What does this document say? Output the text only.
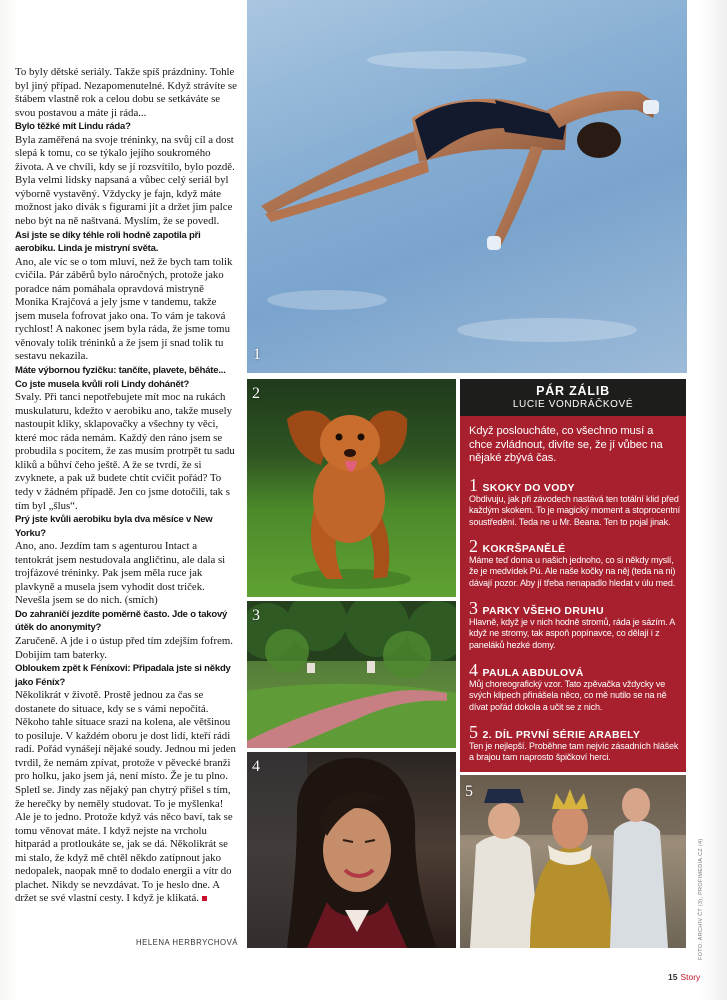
To byly dětské seriály. Takže spíš prázdniny. Tohle byl jiný případ. Nezapomenutelné. Když strávíte se štábem vlastně rok a celou dobu se setkáváte se svou postavou a máte ji ráda...

Bylo těžké mít Lindu ráda?

Byla zaměřená na svoje tréninky, na svůj cíl a dost slepá k tomu, co se týkalo jejího soukromého života. A ve chvíli, kdy se jí rozsvítilo, bylo pozdě. Byla velmi lidsky napsaná a vůbec celý seriál byl výborně vystavěný. Vždycky je fajn, když máte možnost jako divák s figurami jít a držet jim palce nebo být na ně naštvaná. Myslím, že se povedl.

Asi jste se díky téhle roli hodně zapotila při aerobiku. Linda je mistryní světa.

Ano, ale víc se o tom mluví, než že bych tam tolik cvičila. Pár záběrů bylo náročných, protože jako poradce nám pomáhala opravdová mistryně Monika Krajčová a jely jsme v tandemu, takže jsem musela fofrovat jako ona. To vám je taková rychlost! A nakonec jsem byla ráda, že jsme tomu věnovaly tolik tréninků a že jsem jí snad tolik tu sestavu nekazila.

Máte výbornou fyzičku: tančíte, plavete, běháte... Co jste musela kvůli roli Lindy dohánět?

Svaly. Při tanci nepotřebujete mít moc na rukách muskulaturu, kdežto v aerobiku ano, takže musely nastoupit kliky, sklapovačky a všechny ty věci, které moc ráda nemám. Každý den ráno jsem se probudila s pocitem, že zas musím protrpět tu sadu kliků a bůhví čeho ještě. A že se tvrdí, že si zvyknete, a pak už budete chtít cvičit pořád? To tedy v žádném případě. Jen co jsme dotočili, tak s tím byl „šlus“.

Prý jste kvůli aerobiku byla dva měsíce v New Yorku?

Ano, ano. Jezdím tam s agenturou Intact a tentokrát jsem nestudovala angličtinu, ale dala si trojfázové tréninky. Pak jsem měla ruce jak plavkyně a musela jsem vyhodit dost triček. Nevešla jsem se do nich. (smích)

Do zahraničí jezdíte poměrně často. Jde o takový útěk do anonymity?

Zaručeně. A jde i o ústup před tím zdejším fofrem. Dobijím tam baterky.

Obloukem zpět k Féníxovi: Připadala jste si někdy jako Féníx?

Několikrát v životě. Prostě jednou za čas se dostanete do situace, kdy se s vámi nepočítá. Někoho tahle situace srazí na kolena, ale většinou to posiluje. V každém oboru je dost lidí, kteří rádi radí. Pořád vynášejí nějaké soudy. Jednou mi jeden tvrdil, že nemám zpívat, protože v pěvecké branži pro holku, jako jsem já, není místo. Že je tu plno. Spletl se. Jindy zas nějaký pan chytrý přišel s tím, že herečky by neměly studovat. To je myšlenka! Ale je to jedno. Protože když vás něco baví, tak se tomu věnovat máte. I když nejste na vrcholu hitparád a protloukáte se, jak se dá. Několikrát se mi stalo, že když mě chtěl někdo zatípnout jako nedopalek, naopak mně to dodalo energii a vítr do plachet. Nikdy se nevzdávat. To je heslo dne. A držet se své vlastní cesty. I když je klikatá.

HELENA HERBRYCHOVÁ
1
2
3
4
5
PÁR ZÁLIB
LUCIE VONDRÁČKOVÉ
Když posloucháte, co všechno musí a chce zvládnout, divíte se, že jí vůbec na nějaké zbývá čas.
1 SKOKY DO VODY
Obdivuju, jak při závodech nastává ten totální klid před každým skokem. To je magický moment a stoprocentní soustředění. Teda ne u Mr. Beana. Ten to pojal jinak.
2 KOKRŠPANĚLÉ
Máme teď doma u našich jednoho, co si někdy myslí, že je medvídek Pú. Ale naše kočky na něj (teda na ni) dávají pozor. Aby jí třeba nenapadlo hledat v úlu med.
3 PARKY VŠEHO DRUHU
Hlavně, když je v nich hodně stromů, ráda je sázím. A když ne stromy, tak aspoň popínavce, co dělají i z paneláků hezké domy.
4 PAULA ABDULOVÁ
Můj choreografický vzor. Tato zpěvačka vždycky ve svých klipech přinášela něco, co mě nutilo se na ně dívat pořád dokola a učit se z nich.
5 2. DÍL PRVNÍ SÉRIE ARABELY
Ten je nejlepší. Proběhne tam nejvíc zásadních hlášek a brajou tam naprosto špičkoví herci.
FOTO: ARCHIV ČT (3), PROFIMEDIA.CZ (4)
15 Story
